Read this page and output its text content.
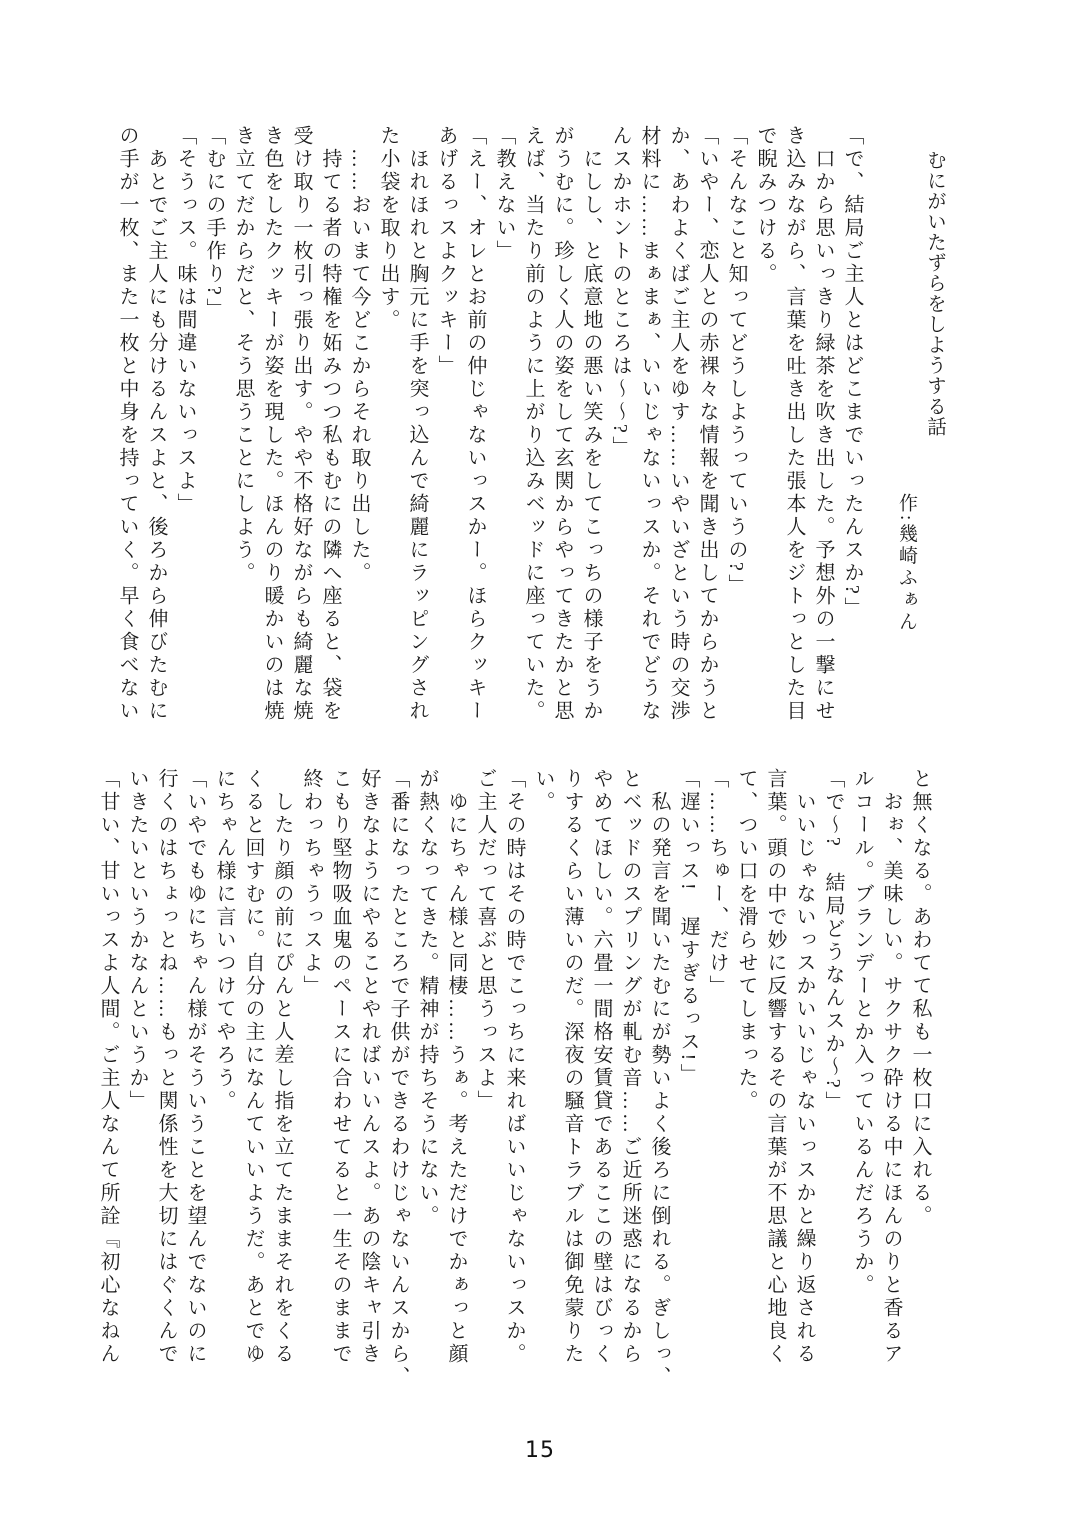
むにがいたずらをしようする話

作:幾崎ふぁん

「で、結局ご主人とはどこまでいったんスか?」

　口から思いっきり緑茶を吹き出した。予想外の一撃にせ

き込みながら、言葉を吐き出した張本人をジトっとした目

で睨みつける。

「そんなこと知ってどうしようっていうの?」

「いやー、恋人との赤裸々な情報を聞き出してからかうと

か、あわよくばご主人をゆす……いやいざという時の交渉

材料に……まぁまぁ、いいじゃないっスか。それでどうな

んスかホントのところは〜〜?」

　にしし、と底意地の悪い笑みをしてこっちの様子をうか

がうむに。珍しく人の姿をして玄関からやってきたかと思

えば、当たり前のように上がり込みベッドに座っていた。

「教えない」

「えー、オレとお前の仲じゃないっスかー。ほらクッキー

あげるっスよクッキー」

　ほれほれと胸元に手を突っ込んで綺麗にラッピングされ

た小袋を取り出す。

　……おいまて今どこからそれ取り出した。

　持てる者の特権を妬みつつ私もむにの隣へ座ると、袋を

受け取り一枚引っ張り出す。やや不格好ながらも綺麗な焼

き色をしたクッキーが姿を現した。ほんのり暖かいのは焼

き立てだからだと、そう思うことにしよう。

「むにの手作り?」

「そうっス。味は間違いないっスよ」

　あとでご主人にも分けるんスよと、後ろから伸びたむに

の手が一枚、また一枚と中身を持っていく。早く食べない

と無くなる。あわてて私も一枚口に入れる。

　おぉ、美味しい。サクサク砕ける中にほんのりと香るア

ルコール。ブランデーとか入っているんだろうか。

「で〜?　結局どうなんスか〜?」

　いいじゃないっスかいいじゃないっスかと繰り返される

言葉。頭の中で妙に反響するその言葉が不思議と心地良く

て、つい口を滑らせてしまった。

「……ちゅー、だけ」

「遅いっス!　遅すぎるっス!」

　私の発言を聞いたむにが勢いよく後ろに倒れる。ぎしっ、

とベッドのスプリングが軋む音……ご近所迷惑になるから

やめてほしい。六畳一間格安賃貸であるここの壁はびっく

りするくらい薄いのだ。深夜の騒音トラブルは御免蒙りた

い。

「その時はその時でこっちに来ればいいじゃないっスか。

ご主人だって喜ぶと思うっスよ」

　ゆにちゃん様と同棲……うぁ。考えただけでかぁっと顔

が熱くなってきた。精神が持ちそうにない。

「番になったところで子供ができるわけじゃないんスから、

好きなようにやることやればいいんスよ。あの陰キャ引き

こもり堅物吸血鬼のペースに合わせてると一生そのままで

終わっちゃうっスよ」

　したり顔の前にぴんと人差し指を立てたままそれをくる

くると回すむに。自分の主になんていいようだ。あとでゆ

にちゃん様に言いつけてやろう。

「いやでもゆにちゃん様がそういうことを望んでないのに

行くのはちょっとね……もっと関係性を大切にはぐくんで

いきたいというかなんというか」

「甘い、甘いっスよ人間。ご主人なんて所詮『初心なねん

15
